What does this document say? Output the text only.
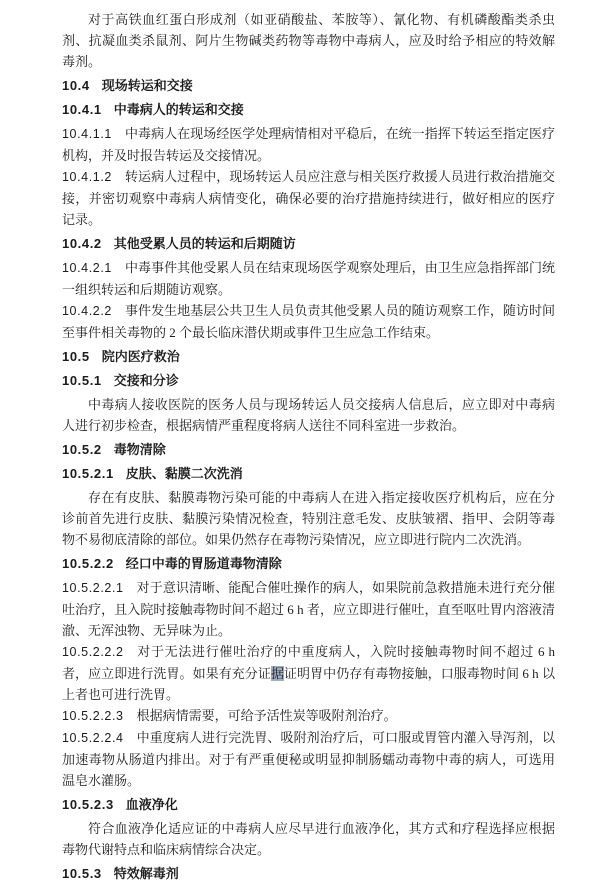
对于高铁血红蛋白形成剂（如亚硝酸盐、苯胺等）、氰化物、有机磷酸酯类杀虫剂、抗凝血类杀鼠剂、阿片生物碱类药物等毒物中毒病人，应及时给予相应的特效解毒剂。

10.4 现场转运和交接
10.4.1 中毒病人的转运和交接

10.4.1.1 中毒病人在现场经医学处理病情相对平稳后，在统一指挥下转运至指定医疗机构，并及时报告转运及交接情况。

10.4.1.2 转运病人过程中，现场转运人员应注意与相关医疗救援人员进行救治措施交接，并密切观察中毒病人病情变化，确保必要的治疗措施持续进行，做好相应的医疗记录。

10.4.2 其他受累人员的转运和后期随访

10.4.2.1 中毒事件其他受累人员在结束现场医学观察处理后，由卫生应急指挥部门统一组织转运和后期随访观察。

10.4.2.2 事件发生地基层公共卫生人员负责其他受累人员的随访观察工作，随访时间至事件相关毒物的 2 个最长临床潜伏期或事件卫生应急工作结束。

10.5 院内医疗救治
10.5.1 交接和分诊

中毒病人接收医院的医务人员与现场转运人员交接病人信息后，应立即对中毒病人进行初步检查，根据病情严重程度将病人送往不同科室进一步救治。

10.5.2 毒物清除
10.5.2.1 皮肤、黏膜二次洗消

存在有皮肤、黏膜毒物污染可能的中毒病人在进入指定接收医疗机构后，应在分诊前首先进行皮肤、黏膜污染情况检查，特别注意毛发、皮肤皱褶、指甲、会阴等毒物不易彻底清除的部位。如果仍然存在毒物污染情况，应立即进行院内二次洗消。

10.5.2.2 经口中毒的胃肠道毒物清除

10.5.2.2.1 对于意识清晰、能配合催吐操作的病人，如果院前急救措施未进行充分催吐治疗，且入院时接触毒物时间不超过 6 h 者，应立即进行催吐，直至呕吐胃内溶液清澈、无浑浊物、无异味为止。

10.5.2.2.2 对于无法进行催吐治疗的中重度病人，入院时接触毒物时间不超过 6 h 者，应立即进行洗胃。如果有充分证据证明胃中仍存有毒物接触，口服毒物时间 6 h 以上者也可进行洗胃。

10.5.2.2.3 根据病情需要，可给予活性炭等吸附剂治疗。

10.5.2.2.4 中重度病人进行完洗胃、吸附剂治疗后，可口服或胃管内灌入导泻剂，以加速毒物从肠道内排出。对于有严重便秘或明显抑制肠蠕动毒物中毒的病人，可选用温皂水灌肠。

10.5.2.3 血液净化

符合血液净化适应证的中毒病人应尽早进行血液净化，其方式和疗程选择应根据毒物代谢特点和临床病情综合决定。

10.5.3 特效解毒剂
